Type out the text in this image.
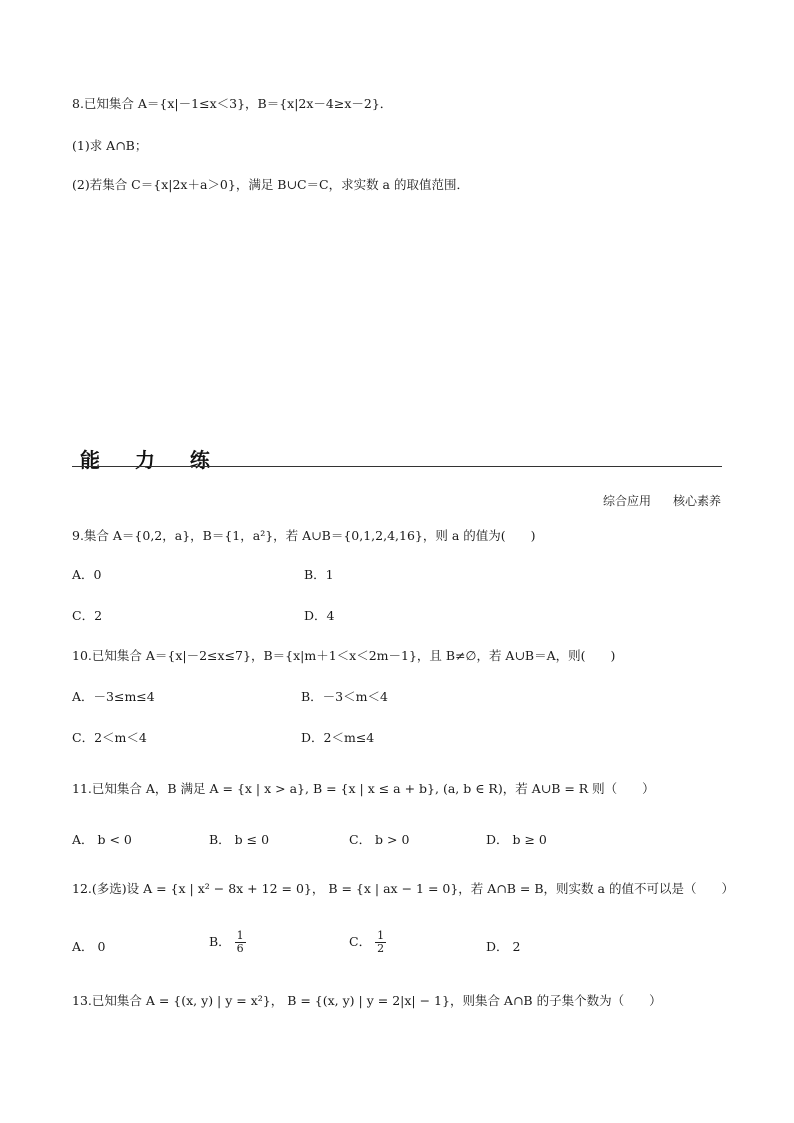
8.已知集合 A＝{x|－1≤x＜3}，B＝{x|2x－4≥x－2}．
(1)求 A∩B；
(2)若集合 C＝{x|2x＋a＞0}，满足 B∪C＝C，求实数 a 的取值范围．
能 力 练
综合应用 核心素养
9.集合 A＝{0,2，a}，B＝{1，a²}，若 A∪B＝{0,1,2,4,16}，则 a 的值为(　　)
A．0	B．1
C．2	D．4
10.已知集合 A＝{x|－2≤x≤7}，B＝{x|m＋1＜x＜2m－1}，且 B≠∅，若 A∪B＝A，则(　　)
A．－3≤m≤4	B．－3＜m＜4
C．2＜m＜4	D．2＜m≤4
11.已知集合 A，B 满足 A = {x | x > a}, B = {x | x ≤ a + b}, (a, b ∈ R)，若 A∪B = R 则（　　）
A． b < 0	B． b ≤ 0	C． b > 0	D． b ≥ 0
12.(多选)设 A = {x | x² − 8x + 12 = 0}， B = {x | ax − 1 = 0}，若 A∩B = B，则实数 a 的值不可以是（　　）
A． 0	B． $\frac{1}{6}$	C． $\frac{1}{2}$	D． 2
13.已知集合 A = {(x, y) | y = x²}， B = {(x, y) | y = 2|x| − 1}，则集合 A∩B 的子集个数为（　　）
